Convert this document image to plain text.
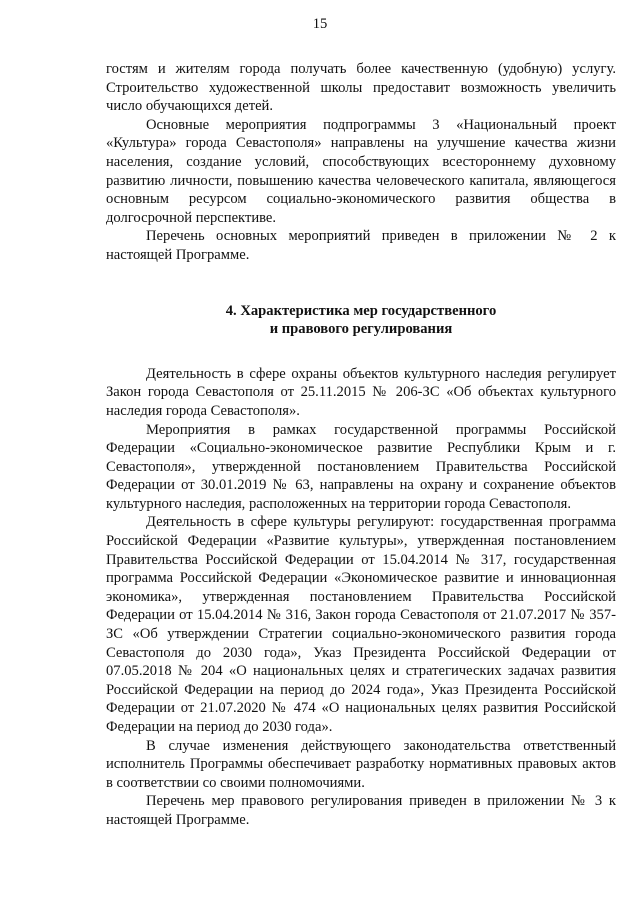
15

гостям и жителям города получать более качественную (удобную) услугу. Строительство художественной школы предоставит возможность увеличить число обучающихся детей.

Основные мероприятия подпрограммы 3 «Национальный проект «Культура» города Севастополя» направлены на улучшение качества жизни населения, создание условий, способствующих всестороннему духовному развитию личности, повышению качества человеческого капитала, являющегося основным ресурсом социально-экономического развития общества в долгосрочной перспективе.

Перечень основных мероприятий приведен в приложении № 2 к настоящей Программе.

4. Характеристика мер государственного

и правового регулирования

Деятельность в сфере охраны объектов культурного наследия регулирует Закон города Севастополя от 25.11.2015 № 206-ЗС «Об объектах культурного наследия города Севастополя».

Мероприятия в рамках государственной программы Российской Федерации «Социально-экономическое развитие Республики Крым и г. Севастополя», утвержденной постановлением Правительства Российской Федерации от 30.01.2019 № 63, направлены на охрану и сохранение объектов культурного наследия, расположенных на территории города Севастополя.

Деятельность в сфере культуры регулируют: государственная программа Российской Федерации «Развитие культуры», утвержденная постановлением Правительства Российской Федерации от 15.04.2014 № 317, государственная программа Российской Федерации «Экономическое развитие и инновационная экономика», утвержденная постановлением Правительства Российской Федерации от 15.04.2014 № 316, Закон города Севастополя от 21.07.2017 № 357-ЗС «Об утверждении Стратегии социально-экономического развития города Севастополя до 2030 года», Указ Президента Российской Федерации от 07.05.2018 № 204 «О национальных целях и стратегических задачах развития Российской Федерации на период до 2024 года», Указ Президента Российской Федерации от 21.07.2020 № 474 «О национальных целях развития Российской Федерации на период до 2030 года».

В случае изменения действующего законодательства ответственный исполнитель Программы обеспечивает разработку нормативных правовых актов в соответствии со своими полномочиями.

Перечень мер правового регулирования приведен в приложении № 3 к настоящей Программе.
